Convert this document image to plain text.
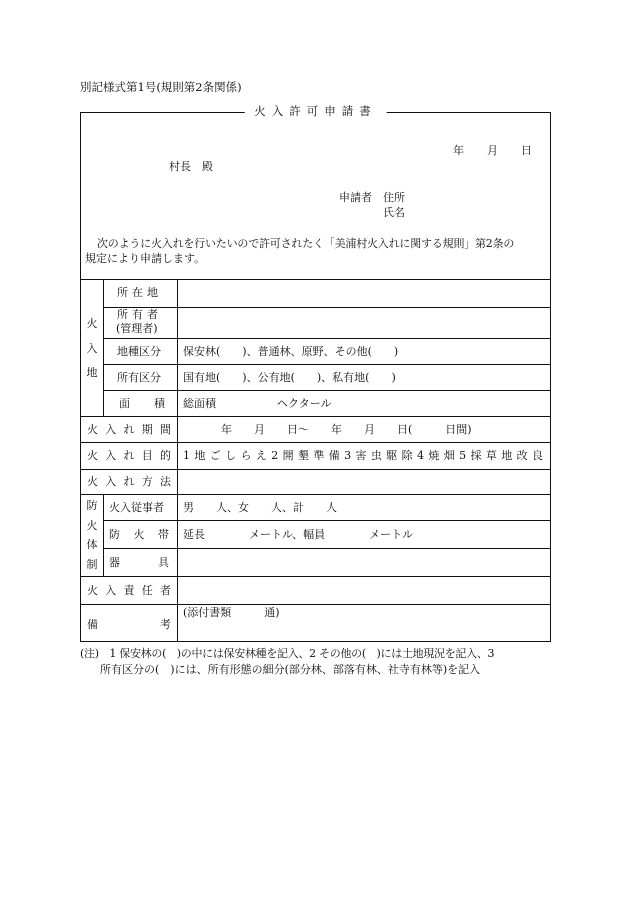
別記様式第1号(規則第2条関係)
火入許可申請書
年 月 日
村長　殿
申請者 住所
氏名
次のように火入れを行いたいので許可されたく「美浦村火入れに関する規則」第2条の
規定により申請します。
火
入
地
所在地
所有者
(管理者)
地種区分 保安林(　　)、普通林、原野、その他(　　)
所有区分 国有地(　　)、公有地(　　)、私有地(　　)
面積 総面積	ヘクタール
火入れ期間	年　　月　　日～　　年　　月　　日(　　　日間)
火入れ目的 1地ごしらえ2開墾準備3害虫駆除4焼畑5採草地改良
火入れ方法
防
火
体
制
火入従事者 男　　人、女　　人、計　　人
防火帯 延長　　　　メートル、幅員　　　　メートル
器具
火入責任者
備考
(添付書類　　　通)
(注)　1 保安林の(　)の中には保安林種を記入、2 その他の(　)には土地現況を記入、3
所有区分の(　)には、所有形態の細分(部分林、部落有林、社寺有林等)を記入
